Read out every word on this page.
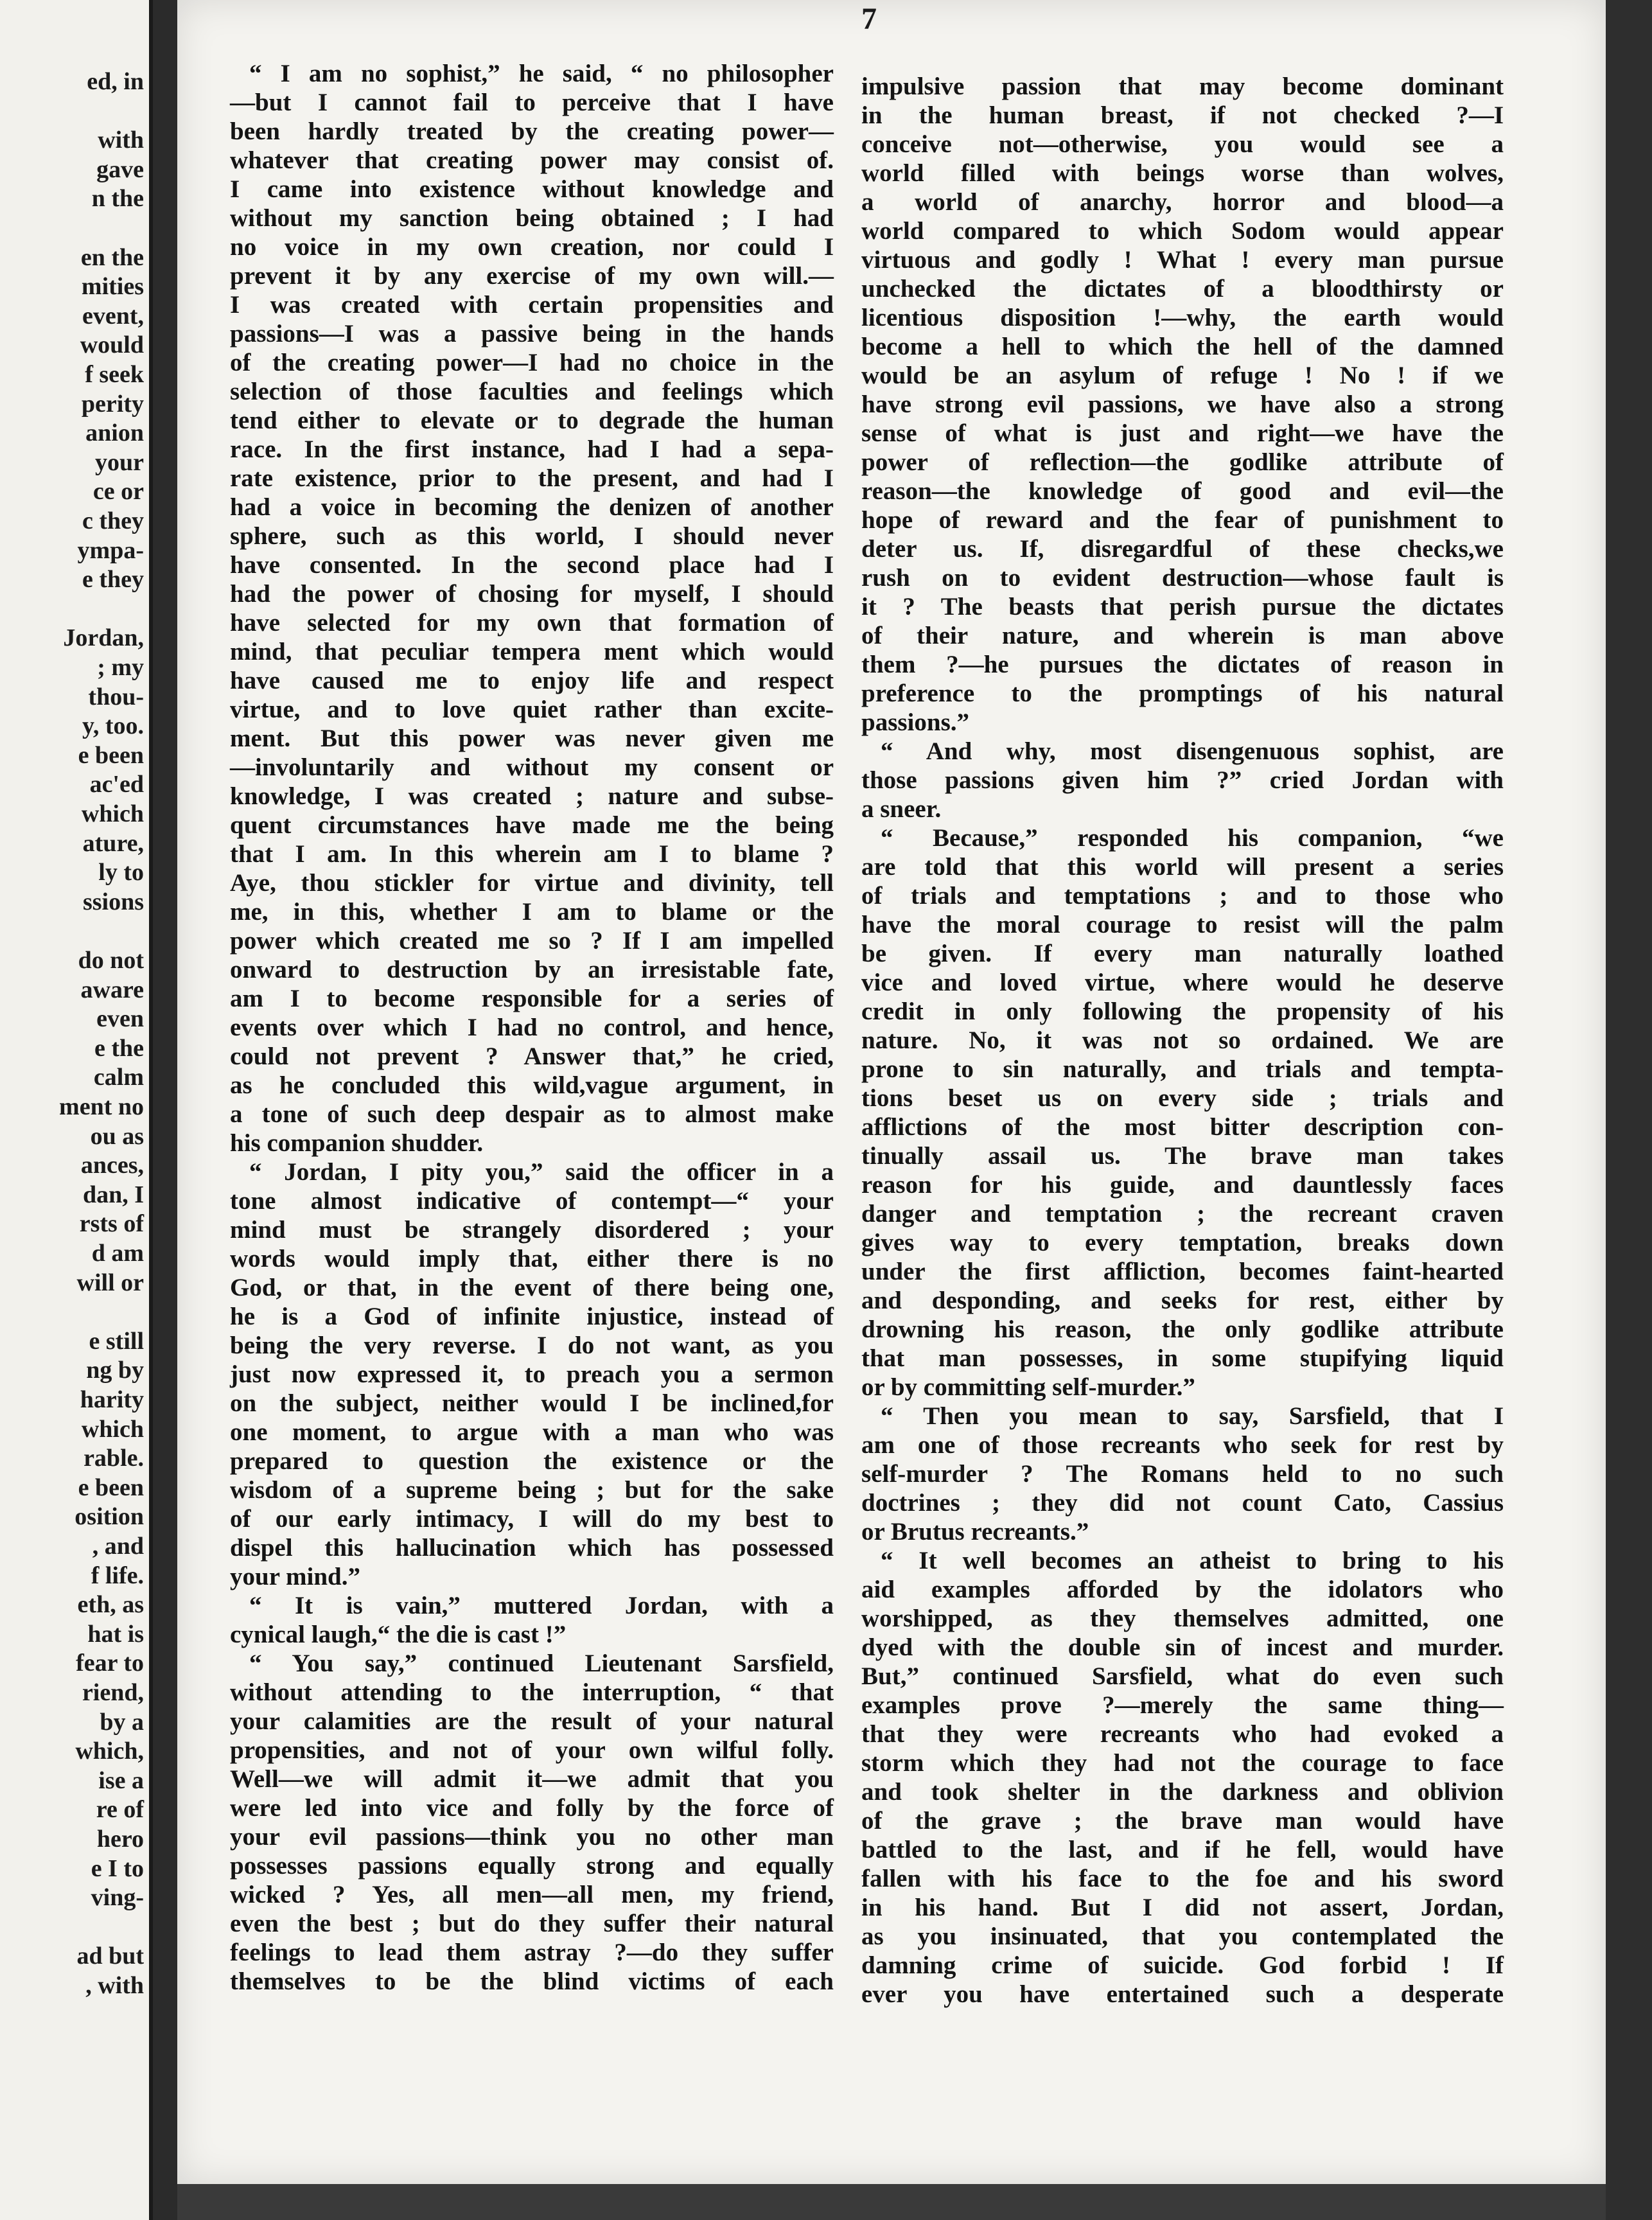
ed, in
with
gave
n the
en the
mities
event,
would
f seek
perity
anion
your
ce or
c they
ympa-
e they
Jordan,
; my
thou-
y, too.
e been
ac'ed
which
ature,
ly to
ssions
do not
aware
even
e the
calm
ment no
ou as
ances,
dan, I
rsts of
d am
will or
e still
ng by
harity
which
rable.
e been
osition
, and
f life.
eth, as
hat is
fear to
riend,
by a
which,
ise a
re of
hero
e I to
ving-
ad but
, with
7
“ I am no sophist,” he said, “ no philosopher
—but I cannot fail to perceive that I have
been hardly treated by the creating power—
whatever that creating power may consist of.
I came into existence without knowledge and
without my sanction being obtained ; I had
no voice in my own creation, nor could I
prevent it by any exercise of my own will.—
I was created with certain propensities and
passions—I was a passive being in the hands
of the creating power—I had no choice in the
selection of those faculties and feelings which
tend either to elevate or to degrade the human
race. In the first instance, had I had a sepa-
rate existence, prior to the present, and had I
had a voice in becoming the denizen of another
sphere, such as this world, I should never
have consented. In the second place had I
had the power of chosing for myself, I should
have selected for my own that formation of
mind, that peculiar tempera ment which would
have caused me to enjoy life and respect
virtue, and to love quiet rather than excite-
ment. But this power was never given me
—involuntarily and without my consent or
knowledge, I was created ; nature and subse-
quent circumstances have made me the being
that I am. In this wherein am I to blame ?
Aye, thou stickler for virtue and divinity, tell
me, in this, whether I am to blame or the
power which created me so ? If I am impelled
onward to destruction by an irresistable fate,
am I to become responsible for a series of
events over which I had no control, and hence,
could not prevent ? Answer that,” he cried,
as he concluded this wild,vague argument, in
a tone of such deep despair as to almost make
his companion shudder.
“ Jordan, I pity you,” said the officer in a
tone almost indicative of contempt—“ your
mind must be strangely disordered ; your
words would imply that, either there is no
God, or that, in the event of there being one,
he is a God of infinite injustice, instead of
being the very reverse. I do not want, as you
just now expressed it, to preach you a sermon
on the subject, neither would I be inclined,for
one moment, to argue with a man who was
prepared to question the existence or the
wisdom of a supreme being ; but for the sake
of our early intimacy, I will do my best to
dispel this hallucination which has possessed
your mind.”
“ It is vain,” muttered Jordan, with a
cynical laugh,“ the die is cast !”
“ You say,” continued Lieutenant Sarsfield,
without attending to the interruption, “ that
your calamities are the result of your natural
propensities, and not of your own wilful folly.
Well—we will admit it—we admit that you
were led into vice and folly by the force of
your evil passions—think you no other man
possesses passions equally strong and equally
wicked ? Yes, all men—all men, my friend,
even the best ; but do they suffer their natural
feelings to lead them astray ?—do they suffer
themselves to be the blind victims of each
impulsive passion that may become dominant
in the human breast, if not checked ?—I
conceive not—otherwise, you would see a
world filled with beings worse than wolves,
a world of anarchy, horror and blood—a
world compared to which Sodom would appear
virtuous and godly ! What ! every man pursue
unchecked the dictates of a bloodthirsty or
licentious disposition !—why, the earth would
become a hell to which the hell of the damned
would be an asylum of refuge ! No ! if we
have strong evil passions, we have also a strong
sense of what is just and right—we have the
power of reflection—the godlike attribute of
reason—the knowledge of good and evil—the
hope of reward and the fear of punishment to
deter us. If, disregardful of these checks,we
rush on to evident destruction—whose fault is
it ? The beasts that perish pursue the dictates
of their nature, and wherein is man above
them ?—he pursues the dictates of reason in
preference to the promptings of his natural
passions.”
“ And why, most disengenuous sophist, are
those passions given him ?” cried Jordan with
a sneer.
“ Because,” responded his companion, “we
are told that this world will present a series
of trials and temptations ; and to those who
have the moral courage to resist will the palm
be given. If every man naturally loathed
vice and loved virtue, where would he deserve
credit in only following the propensity of his
nature. No, it was not so ordained. We are
prone to sin naturally, and trials and tempta-
tions beset us on every side ; trials and
afflictions of the most bitter description con-
tinually assail us. The brave man takes
reason for his guide, and dauntlessly faces
danger and temptation ; the recreant craven
gives way to every temptation, breaks down
under the first affliction, becomes faint-hearted
and desponding, and seeks for rest, either by
drowning his reason, the only godlike attribute
that man possesses, in some stupifying liquid
or by committing self-murder.”
“ Then you mean to say, Sarsfield, that I
am one of those recreants who seek for rest by
self-murder ? The Romans held to no such
doctrines ; they did not count Cato, Cassius
or Brutus recreants.”
“ It well becomes an atheist to bring to his
aid examples afforded by the idolators who
worshipped, as they themselves admitted, one
dyed with the double sin of incest and murder.
But,” continued Sarsfield, what do even such
examples prove ?—merely the same thing—
that they were recreants who had evoked a
storm which they had not the courage to face
and took shelter in the darkness and oblivion
of the grave ; the brave man would have
battled to the last, and if he fell, would have
fallen with his face to the foe and his sword
in his hand. But I did not assert, Jordan,
as you insinuated, that you contemplated the
damning crime of suicide. God forbid ! If
ever you have entertained such a desperate
